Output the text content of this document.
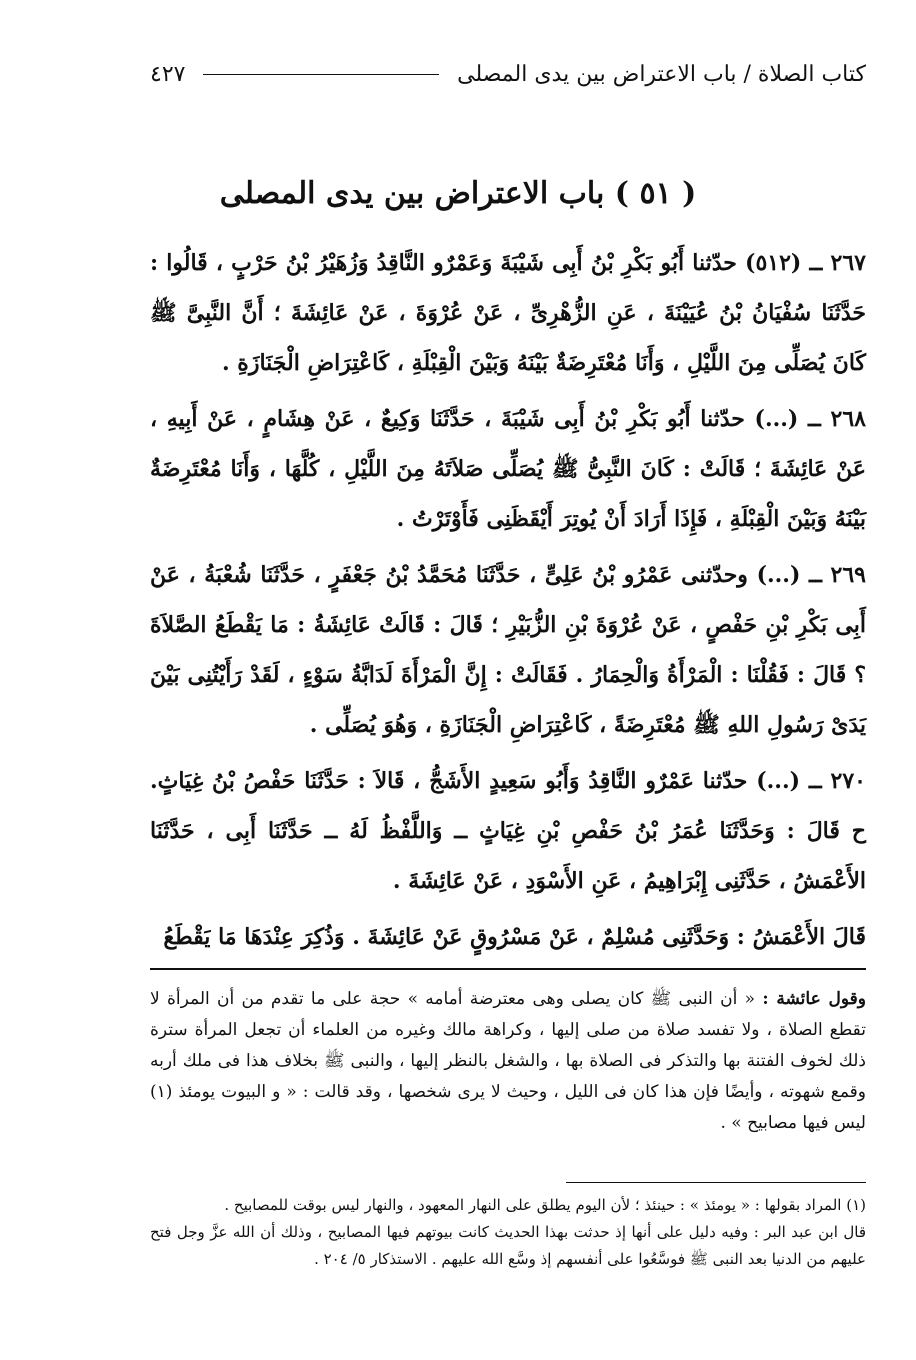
كتاب الصلاة / باب الاعتراض بين يدى المصلى
٤٢٧
( ٥١ ) باب الاعتراض بين يدى المصلى

٢٦٧ ــ (٥١٢) حدّثنا أَبُو بَكْرِ بْنُ أَبِى شَيْبَةَ وَعَمْرٌو النَّاقِدُ وَزُهَيْرُ بْنُ حَرْبٍ ، قَالُوا : حَدَّثَنَا سُفْيَانُ بْنُ عُيَيْنَةَ ، عَنِ الزُّهْرِىِّ ، عَنْ عُرْوَةَ ، عَنْ عَائِشَةَ ؛ أَنَّ النَّبِىَّ ﷺ كَانَ يُصَلِّى مِنَ اللَّيْلِ ، وَأَنَا مُعْتَرِضَةٌ بَيْنَهُ وَبَيْنَ الْقِبْلَةِ ، كَاعْتِرَاضِ الْجَنَازَةِ .

٢٦٨ ــ (...) حدّثنا أَبُو بَكْرِ بْنُ أَبِى شَيْبَةَ ، حَدَّثَنَا وَكِيعٌ ، عَنْ هِشَامٍ ، عَنْ أَبِيهِ ، عَنْ عَائِشَةَ ؛ قَالَتْ : كَانَ النَّبِىُّ ﷺ يُصَلِّى صَلاَتَهُ مِنَ اللَّيْلِ ، كُلَّهَا ، وَأَنَا مُعْتَرِضَةٌ بَيْنَهُ وَبَيْنَ الْقِبْلَةِ ، فَإِذَا أَرَادَ أَنْ يُوتِرَ أَيْقَظَنِى فَأَوْتَرْتُ .

٢٦٩ ــ (...) وحدّثنى عَمْرُو بْنُ عَلِىٍّ ، حَدَّثَنَا مُحَمَّدُ بْنُ جَعْفَرٍ ، حَدَّثَنَا شُعْبَةُ ، عَنْ أَبِى بَكْرِ بْنِ حَفْصٍ ، عَنْ عُرْوَةَ بْنِ الزُّبَيْرِ ؛ قَالَ : قَالَتْ عَائِشَةُ : مَا يَقْطَعُ الصَّلاَةَ ؟ قَالَ : فَقُلْنَا : الْمَرْأَةُ وَالْحِمَارُ . فَقَالَتْ : إِنَّ الْمَرْأَةَ لَدَابَّةُ سَوْءٍ ، لَقَدْ رَأَيْتُنِى بَيْنَ يَدَىْ رَسُولِ اللهِ ﷺ مُعْتَرِضَةً ، كَاعْتِرَاضِ الْجَنَازَةِ ، وَهُوَ يُصَلِّى .

٢٧٠ ــ (...) حدّثنا عَمْرٌو النَّاقِدُ وَأَبُو سَعِيدٍ الأَشَجُّ ، قَالاَ : حَدَّثَنَا حَفْصُ بْنُ غِيَاثٍ. ح قَالَ : وَحَدَّثَنَا عُمَرُ بْنُ حَفْصِ بْنِ غِيَاثٍ ــ وَاللَّفْظُ لَهُ ــ حَدَّثَنَا أَبِى ، حَدَّثَنَا الأَعْمَشُ ، حَدَّثَنِى إِبْرَاهِيمُ ، عَنِ الأَسْوَدِ ، عَنْ عَائِشَةَ .

قَالَ الأَعْمَشُ : وَحَدَّثَنِى مُسْلِمٌ ، عَنْ مَسْرُوقٍ عَنْ عَائِشَةَ . وَذُكِرَ عِنْدَهَا مَا يَقْطَعُ

وقول عائشة : « أن النبى ﷺ كان يصلى وهى معترضة أمامه » حجة على ما تقدم من أن المرأة لا تقطع الصلاة ، ولا تفسد صلاة من صلى إليها ، وكراهة مالك وغيره من العلماء أن تجعل المرأة سترة ذلك لخوف الفتنة بها والتذكر فى الصلاة بها ، والشغل بالنظر إليها ، والنبى ﷺ بخلاف هذا فى ملك أربه وقمع شهوته ، وأيضًا فإن هذا كان فى الليل ، وحيث لا يرى شخصها ، وقد قالت : « و البيوت يومئذ (١) ليس فيها مصابيح » .

(١) المراد بقولها : « يومئذ » : حينئذ ؛ لأن اليوم يطلق على النهار المعهود ، والنهار ليس بوقت للمصابيح .

قال ابن عبد البر : وفيه دليل على أنها إذ حدثت بهذا الحديث كانت بيوتهم فيها المصابيح ، وذلك أن الله عزَّ وجل فتح عليهم من الدنيا بعد النبى ﷺ فوسَّعُوا على أنفسهم إذ وسَّع الله عليهم . الاستذكار ٥/ ٢٠٤ .
